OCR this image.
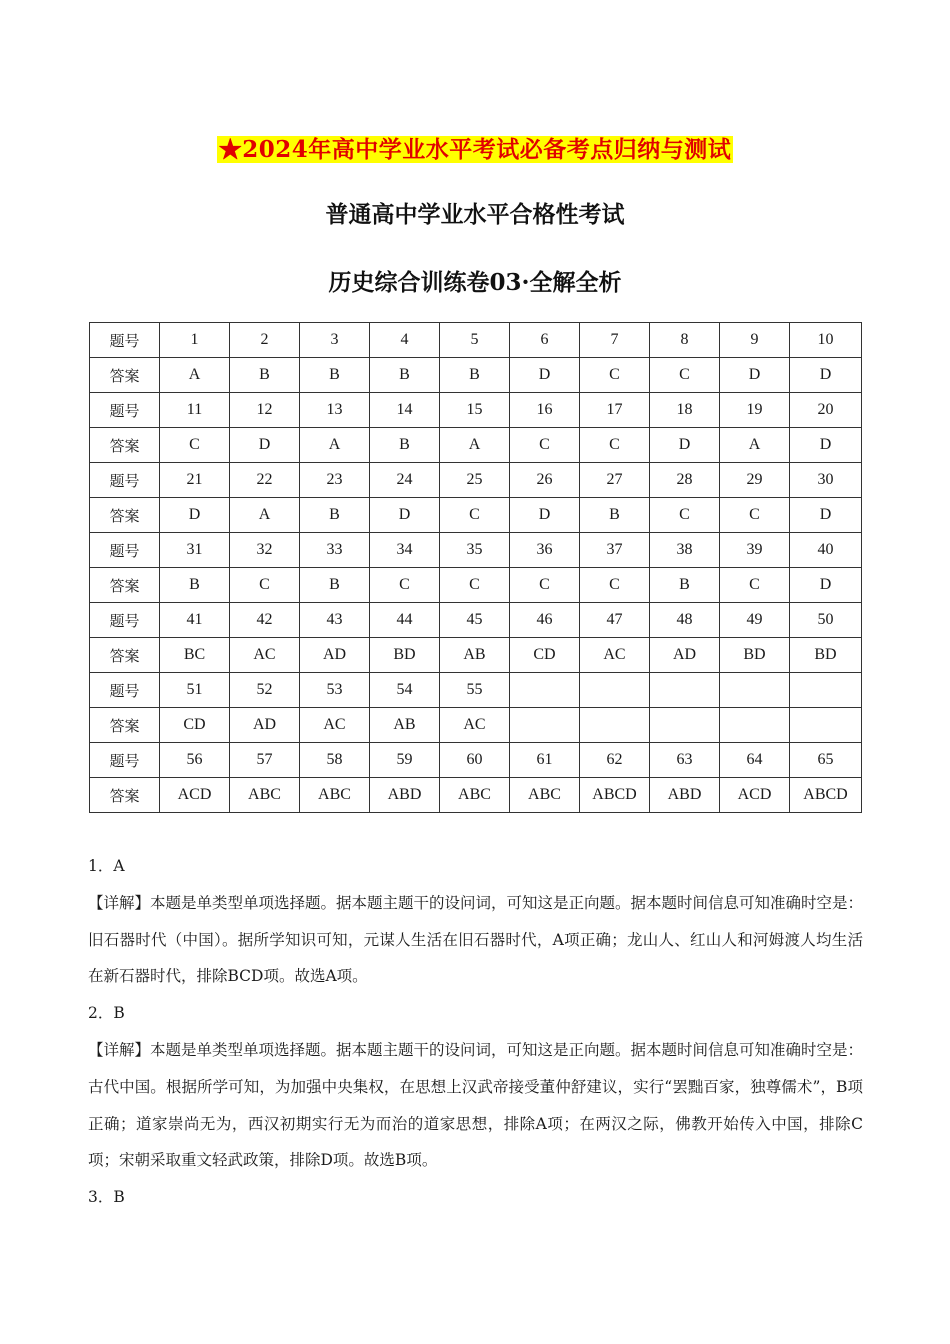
★2024年高中学业水平考试必备考点归纳与测试
普通高中学业水平合格性考试
历史综合训练卷03·全解全析
题号	1	2	3	4	5	6	7	8	9	10
答案	A	B	B	B	B	D	C	C	D	D
题号	11	12	13	14	15	16	17	18	19	20
答案	C	D	A	B	A	C	C	D	A	D
题号	21	22	23	24	25	26	27	28	29	30
答案	D	A	B	D	C	D	B	C	C	D
题号	31	32	33	34	35	36	37	38	39	40
答案	B	C	B	C	C	C	C	B	C	D
题号	41	42	43	44	45	46	47	48	49	50
答案	BC	AC	AD	BD	AB	CD	AC	AD	BD	BD
题号	51	52	53	54	55					
答案	CD	AD	AC	AB	AC					
题号	56	57	58	59	60	61	62	63	64	65
答案	ACD	ABC	ABC	ABD	ABC	ABC	ABCD	ABD	ACD	ABCD

1．A

【详解】本题是单类型单项选择题。据本题主题干的设问词，可知这是正向题。据本题时间信息可知准确时空是：旧石器时代（中国）。据所学知识可知，元谋人生活在旧石器时代，A项正确；龙山人、红山人和河姆渡人均生活在新石器时代，排除BCD项。故选A项。

2．B

【详解】本题是单类型单项选择题。据本题主题干的设问词，可知这是正向题。据本题时间信息可知准确时空是：古代中国。根据所学可知，为加强中央集权，在思想上汉武帝接受董仲舒建议，实行“罢黜百家，独尊儒术”，B项正确；道家崇尚无为，西汉初期实行无为而治的道家思想，排除A项；在两汉之际，佛教开始传入中国，排除C项；宋朝采取重文轻武政策，排除D项。故选B项。

3．B
